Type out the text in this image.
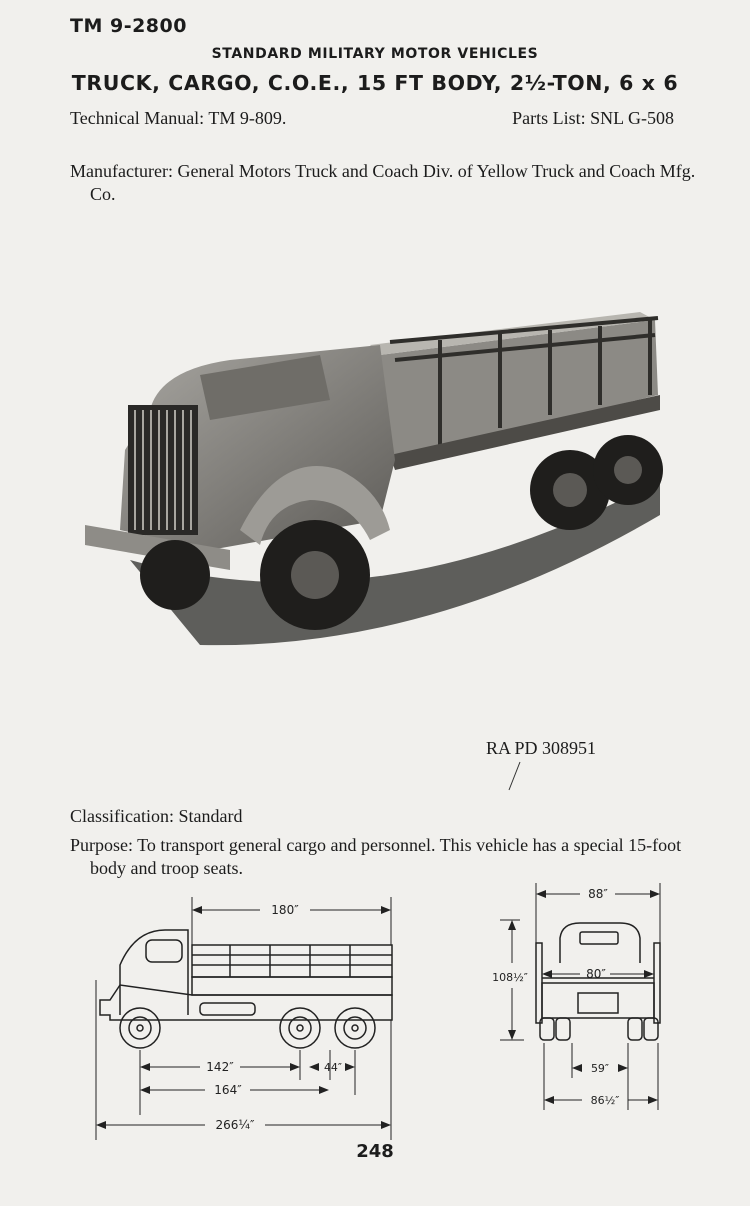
TM 9-2800
STANDARD MILITARY MOTOR VEHICLES
TRUCK, CARGO, C.O.E., 15 FT BODY, 2½-TON, 6 x 6
Technical Manual: TM 9-809.	Parts List: SNL G-508
Manufacturer: General Motors Truck and Coach Div. of Yellow Truck and Coach Mfg. Co.
RA PD 308951
Classification: Standard
Purpose: To transport general cargo and personnel. This vehicle has a special 15-foot body and troop seats.
180″
142″	44″
164″
266¼″
88″
108½″	80″
59″
86½″
248
